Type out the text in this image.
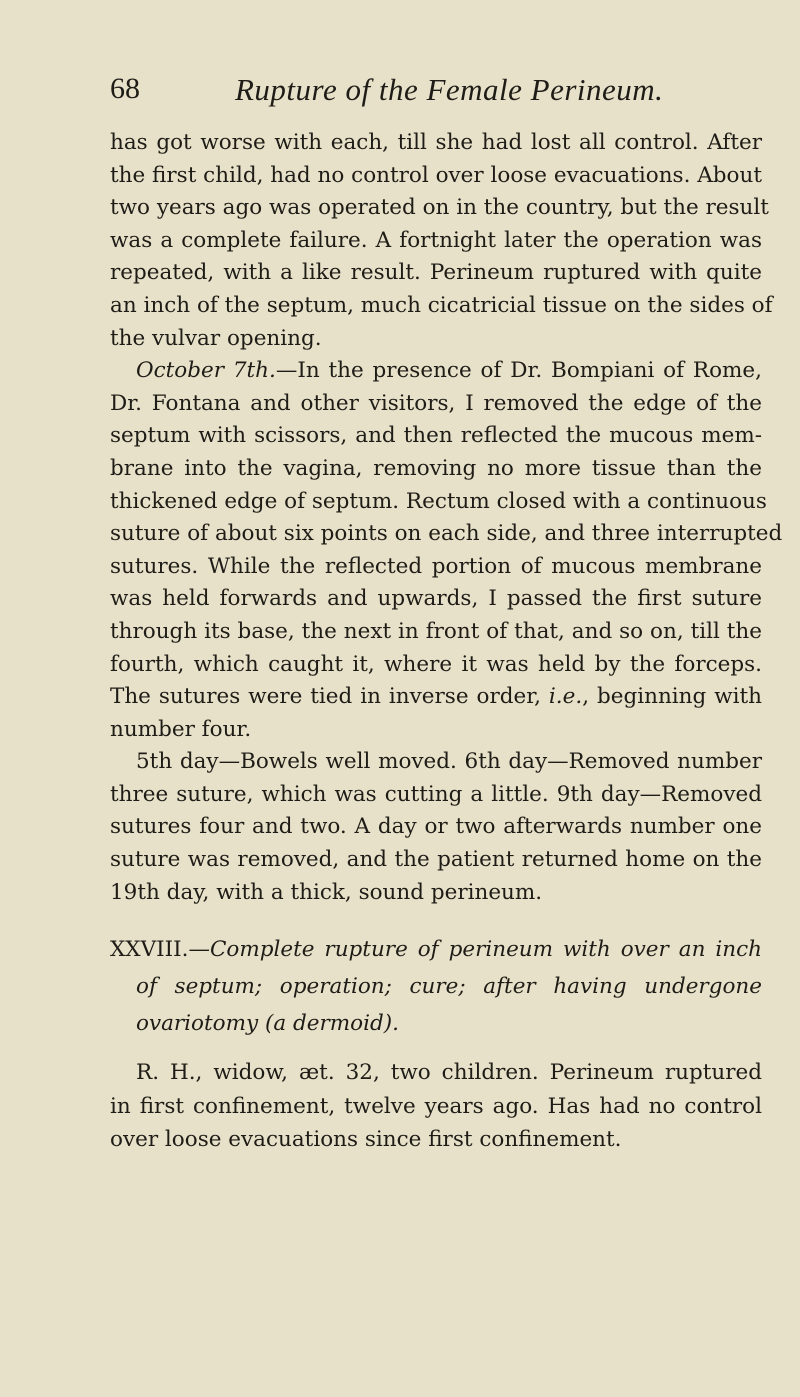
68	Rupture of the Female Perineum.
has got worse with each, till she had lost all control. After
the first child, had no control over loose evacuations. About
two years ago was operated on in the country, but the result
was a complete failure. A fortnight later the operation was
repeated, with a like result. Perineum ruptured with quite
an inch of the septum, much cicatricial tissue on the sides of
the vulvar opening.
October 7th.—In the presence of Dr. Bompiani of Rome,
Dr. Fontana and other visitors, I removed the edge of the
septum with scissors, and then reflected the mucous mem-
brane into the vagina, removing no more tissue than the
thickened edge of septum. Rectum closed with a continuous
suture of about six points on each side, and three interrupted
sutures. While the reflected portion of mucous membrane
was held forwards and upwards, I passed the first suture
through its base, the next in front of that, and so on, till the
fourth, which caught it, where it was held by the forceps.
The sutures were tied in inverse order, i.e., beginning with
number four.
5th day—Bowels well moved. 6th day—Removed number
three suture, which was cutting a little. 9th day—Removed
sutures four and two. A day or two afterwards number one
suture was removed, and the patient returned home on the
19th day, with a thick, sound perineum.
XXVIII.—Complete rupture of perineum with over an inch
of septum; operation; cure; after having undergone
ovariotomy (a dermoid).
R. H., widow, æt. 32, two children. Perineum ruptured
in first confinement, twelve years ago. Has had no control
over loose evacuations since first confinement.
